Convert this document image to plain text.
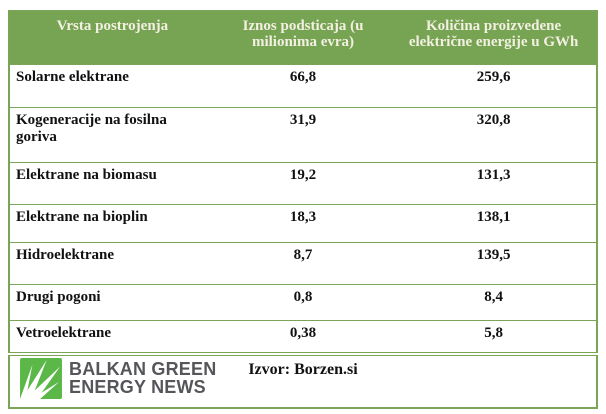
Vrsta postrojenja	Iznos podsticaja (u milionima evra)	Količina proizvedene električne energije u GWh
Solarne elektrane	66,8	259,6
Kogeneracije na fosilna goriva	31,9	320,8
Elektrane na biomasu	19,2	131,3
Elektrane na bioplin	18,3	138,1
Hidroelektrane	8,7	139,5
Drugi pogoni	0,8	8,4
Vetroelektrane	0,38	5,8

BALKAN GREEN
ENERGY NEWS	Izvor: Borzen.si	
